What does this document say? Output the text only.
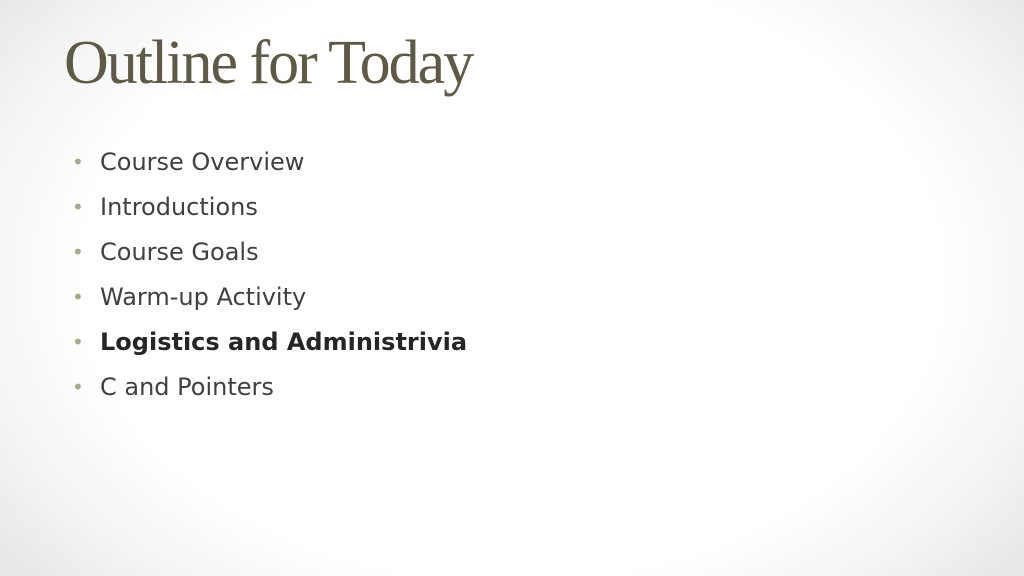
Outline for Today
• Course Overview
• Introductions
• Course Goals
• Warm-up Activity
• Logistics and Administrivia
• C and Pointers
